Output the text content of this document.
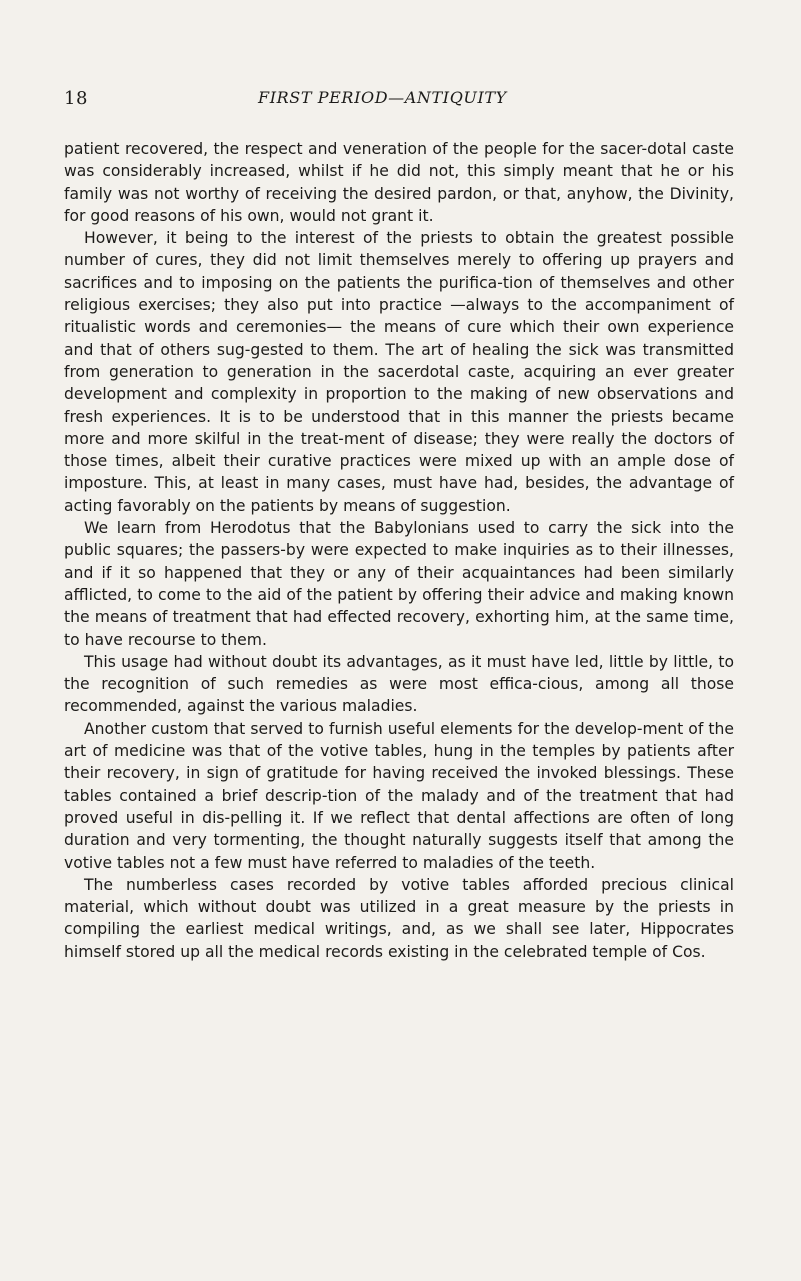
18	FIRST PERIOD—ANTIQUITY

patient recovered, the respect and veneration of the people for the sacer-dotal caste was considerably increased, whilst if he did not, this simply meant that he or his family was not worthy of receiving the desired pardon, or that, anyhow, the Divinity, for good reasons of his own, would not grant it.

However, it being to the interest of the priests to obtain the greatest possible number of cures, they did not limit themselves merely to offering up prayers and sacrifices and to imposing on the patients the purifica-tion of themselves and other religious exercises; they also put into practice —always to the accompaniment of ritualistic words and ceremonies— the means of cure which their own experience and that of others sug-gested to them. The art of healing the sick was transmitted from generation to generation in the sacerdotal caste, acquiring an ever greater development and complexity in proportion to the making of new observations and fresh experiences. It is to be understood that in this manner the priests became more and more skilful in the treat-ment of disease; they were really the doctors of those times, albeit their curative practices were mixed up with an ample dose of imposture. This, at least in many cases, must have had, besides, the advantage of acting favorably on the patients by means of suggestion.

We learn from Herodotus that the Babylonians used to carry the sick into the public squares; the passers-by were expected to make inquiries as to their illnesses, and if it so happened that they or any of their acquaintances had been similarly afflicted, to come to the aid of the patient by offering their advice and making known the means of treatment that had effected recovery, exhorting him, at the same time, to have recourse to them.

This usage had without doubt its advantages, as it must have led, little by little, to the recognition of such remedies as were most effica-cious, among all those recommended, against the various maladies.

Another custom that served to furnish useful elements for the develop-ment of the art of medicine was that of the votive tables, hung in the temples by patients after their recovery, in sign of gratitude for having received the invoked blessings. These tables contained a brief descrip-tion of the malady and of the treatment that had proved useful in dis-pelling it. If we reflect that dental affections are often of long duration and very tormenting, the thought naturally suggests itself that among the votive tables not a few must have referred to maladies of the teeth.

The numberless cases recorded by votive tables afforded precious clinical material, which without doubt was utilized in a great measure by the priests in compiling the earliest medical writings, and, as we shall see later, Hippocrates himself stored up all the medical records existing in the celebrated temple of Cos.
